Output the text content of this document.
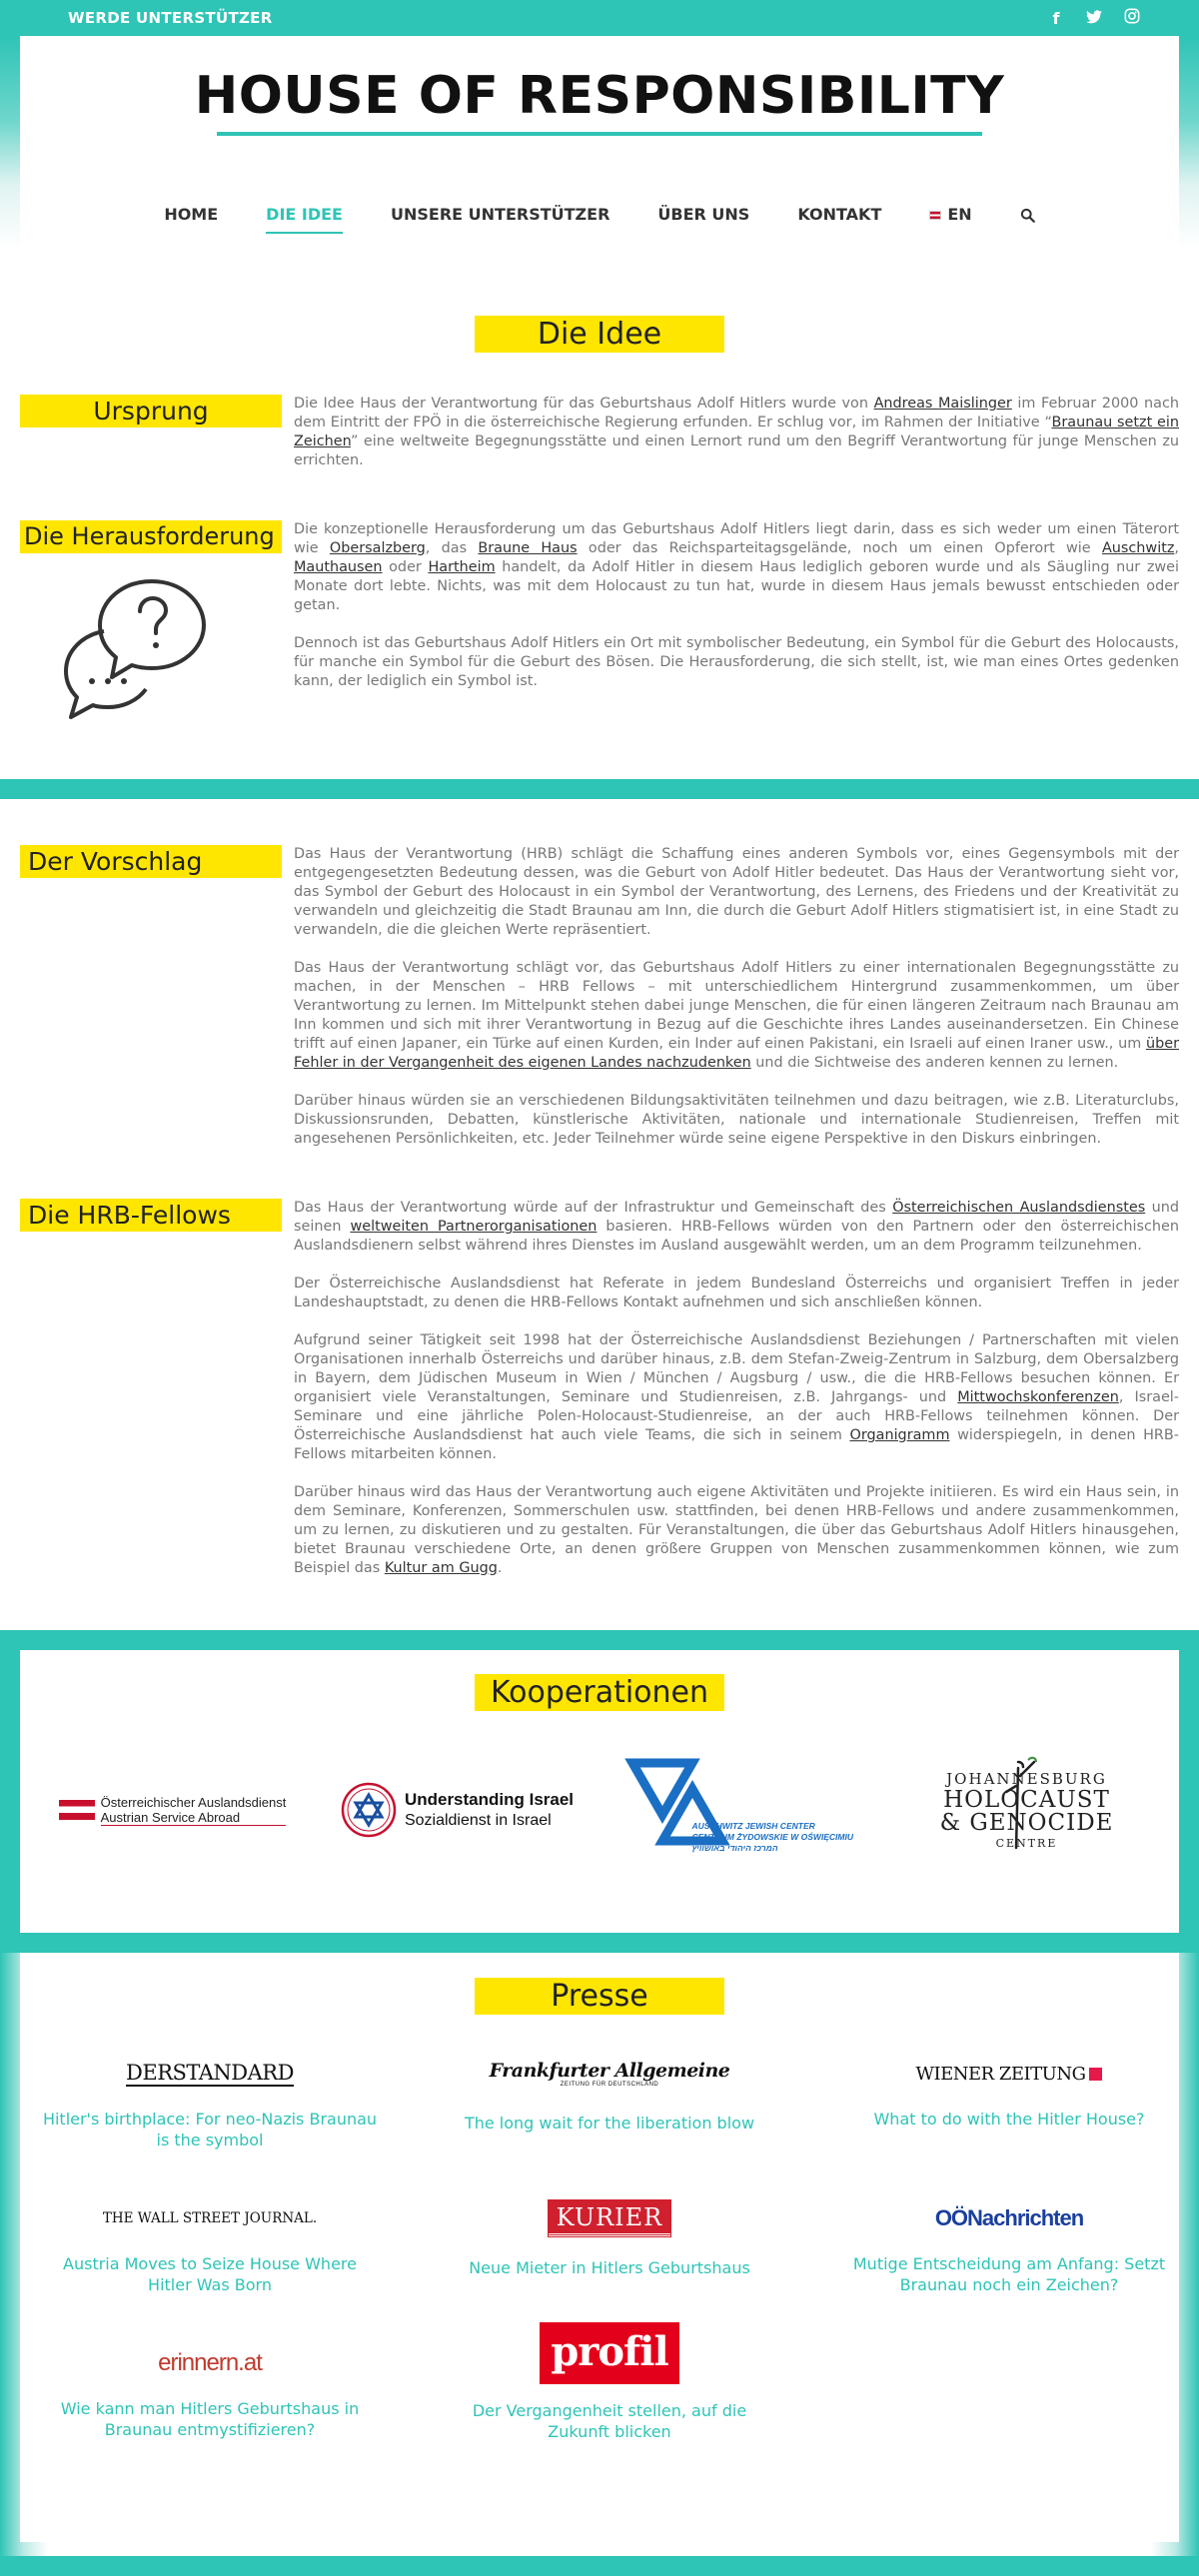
WERDE UNTERSTÜTZER	f
HOUSE OF RESPONSIBILITY
HOME	DIE IDEE	UNSERE UNTERSTÜTZER	ÜBER UNS	KONTAKT	EN
Die Idee
Ursprung	Die Idee Haus der Verantwortung für das Geburtshaus Adolf Hitlers wurde von Andreas Maislinger im Februar 2000 nach dem Eintritt der FPÖ in die österreichische Regierung erfunden. Er schlug vor, im Rahmen der Initiative “Braunau setzt ein Zeichen” eine weltweite Begegnungsstätte und einen Lernort rund um den Begriff Verantwortung für junge Menschen zu errichten.

Die Herausforderung	Die konzeptionelle Herausforderung um das Geburtshaus Adolf Hitlers liegt darin, dass es sich weder um einen Täterort wie Obersalzberg, das Braune Haus oder das Reichsparteitagsgelände, noch um einen Opferort wie Auschwitz, Mauthausen oder Hartheim handelt, da Adolf Hitler in diesem Haus lediglich geboren wurde und als Säugling nur zwei Monate dort lebte. Nichts, was mit dem Holocaust zu tun hat, wurde in diesem Haus jemals bewusst entschieden oder getan.

Dennoch ist das Geburtshaus Adolf Hitlers ein Ort mit symbolischer Bedeutung, ein Symbol für die Geburt des Holocausts, für manche ein Symbol für die Geburt des Bösen. Die Herausforderung, die sich stellt, ist, wie man eines Ortes gedenken kann, der lediglich ein Symbol ist.

Der Vorschlag	Das Haus der Verantwortung (HRB) schlägt die Schaffung eines anderen Symbols vor, eines Gegensymbols mit der entgegengesetzten Bedeutung dessen, was die Geburt von Adolf Hitler bedeutet. Das Haus der Verantwortung sieht vor, das Symbol der Geburt des Holocaust in ein Symbol der Verantwortung, des Lernens, des Friedens und der Kreativität zu verwandeln und gleichzeitig die Stadt Braunau am Inn, die durch die Geburt Adolf Hitlers stigmatisiert ist, in eine Stadt zu verwandeln, die die gleichen Werte repräsentiert.

Das Haus der Verantwortung schlägt vor, das Geburtshaus Adolf Hitlers zu einer internationalen Begegnungsstätte zu machen, in der Menschen – HRB Fellows – mit unterschiedlichem Hintergrund zusammenkommen, um über Verantwortung zu lernen. Im Mittelpunkt stehen dabei junge Menschen, die für einen längeren Zeitraum nach Braunau am Inn kommen und sich mit ihrer Verantwortung in Bezug auf die Geschichte ihres Landes auseinandersetzen. Ein Chinese trifft auf einen Japaner, ein Türke auf einen Kurden, ein Inder auf einen Pakistani, ein Israeli auf einen Iraner usw., um über Fehler in der Vergangenheit des eigenen Landes nachzudenken und die Sichtweise des anderen kennen zu lernen.

Darüber hinaus würden sie an verschiedenen Bildungsaktivitäten teilnehmen und dazu beitragen, wie z.B. Literaturclubs, Diskussionsrunden, Debatten, künstlerische Aktivitäten, nationale und internationale Studienreisen, Treffen mit angesehenen Persönlichkeiten, etc. Jeder Teilnehmer würde seine eigene Perspektive in den Diskurs einbringen.

Die HRB-Fellows	Das Haus der Verantwortung würde auf der Infrastruktur und Gemeinschaft des Österreichischen Auslandsdienstes und seinen weltweiten Partnerorganisationen basieren. HRB-Fellows würden von den Partnern oder den österreichischen Auslandsdienern selbst während ihres Dienstes im Ausland ausgewählt werden, um an dem Programm teilzunehmen.

Der Österreichische Auslandsdienst hat Referate in jedem Bundesland Österreichs und organisiert Treffen in jeder Landeshauptstadt, zu denen die HRB-Fellows Kontakt aufnehmen und sich anschließen können.

Aufgrund seiner Tätigkeit seit 1998 hat der Österreichische Auslandsdienst Beziehungen / Partnerschaften mit vielen Organisationen innerhalb Österreichs und darüber hinaus, z.B. dem Stefan-Zweig-Zentrum in Salzburg, dem Obersalzberg in Bayern, dem Jüdischen Museum in Wien / München / Augsburg / usw., die die HRB-Fellows besuchen können. Er organisiert viele Veranstaltungen, Seminare und Studienreisen, z.B. Jahrgangs- und Mittwochskonferenzen, Israel-Seminare und eine jährliche Polen-Holocaust-Studienreise, an der auch HRB-Fellows teilnehmen können. Der Österreichische Auslandsdienst hat auch viele Teams, die sich in seinem Organigramm widerspiegeln, in denen HRB-Fellows mitarbeiten können.

Darüber hinaus wird das Haus der Verantwortung auch eigene Aktivitäten und Projekte initiieren. Es wird ein Haus sein, in dem Seminare, Konferenzen, Sommerschulen usw. stattfinden, bei denen HRB-Fellows und andere zusammenkommen, um zu lernen, zu diskutieren und zu gestalten. Für Veranstaltungen, die über das Geburtshaus Adolf Hitlers hinausgehen, bietet Braunau verschiedene Orte, an denen größere Gruppen von Menschen zusammenkommen können, wie zum Beispiel das Kultur am Gugg.

Kooperationen
Österreichischer Auslandsdienst
Austrian Service Abroad
Understanding Israel
Sozialdienst in Israel	AUSCHWITZ JEWISH CENTER
CENTRUM ŻYDOWSKIE W OŚWIĘCIMIU
המרכז היהודי באושוויץ
JOHANNESBURG
HOLOCAUST
& GENOCIDE
CENTRE
Presse
DERSTANDARD
Hitler's birthplace: For neo-Nazis Braunau is the symbol
Frankfurter Allgemeine
ZEITUNG FÜR DEUTSCHLAND
The long wait for the liberation blow
WIENER ZEITUNG
What to do with the Hitler House?
THE WALL STREET JOURNAL.
Austria Moves to Seize House Where Hitler Was Born
KURIER
Neue Mieter in Hitlers Geburtshaus
OÖNachrichten
Mutige Entscheidung am Anfang: Setzt Braunau noch ein Zeichen?
erinnern.at
Wie kann man Hitlers Geburtshaus in Braunau entmystifizieren?
profil
Der Vergangenheit stellen, auf die Zukunft blicken
